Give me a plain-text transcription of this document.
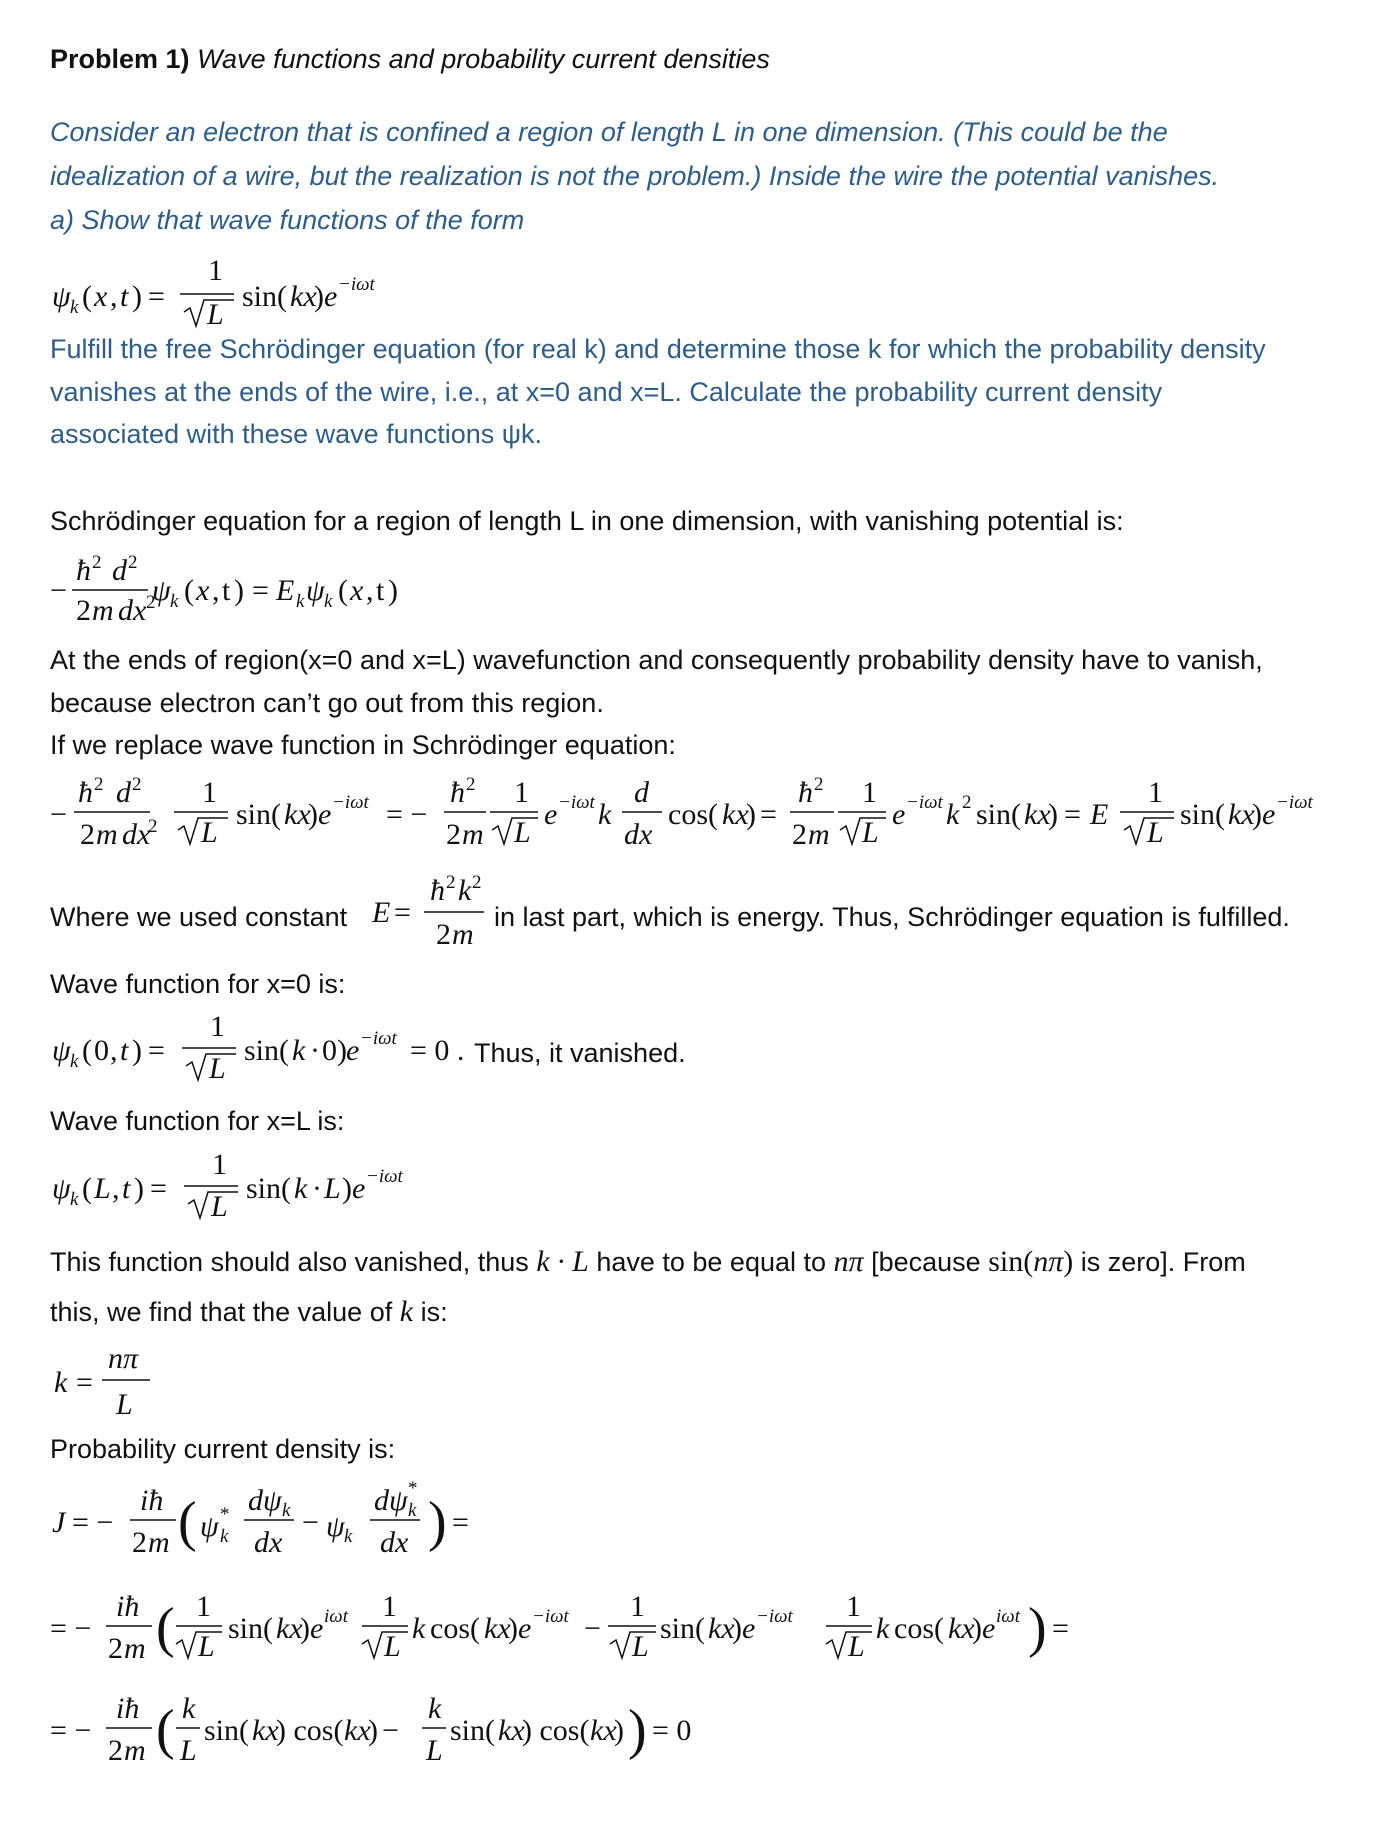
Problem 1) Wave functions and probability current densities
Consider an electron that is confined a region of length L in one dimension. (This could be the
idealization of a wire, but the realization is not the problem.) Inside the wire the potential vanishes.
a) Show that wave functions of the form
ψ k ( x , t ) =
1
L
sin( kx
) e −iωt
Fulfill the free Schrödinger equation (for real k) and determine those k for which the probability density
vanishes at the ends of the wire, i.e., at x=0 and x=L. Calculate the probability current density
associated with these wave functions ψk.
Schrödinger equation for a region of length L in one dimension, with vanishing potential is:
−
ħ 2 d 2
2 m dx 2
ψ k ( x , t ) = E k ψ k ( x , t )
At the ends of region(x=0 and x=L) wavefunction and consequently probability density have to vanish,
because electron can’t go out from this region.
If we replace wave function in Schrödinger equation:
−
ħ 2 d 2
2 m dx
2
1
L
sin( kx
) e −iωt = −
ħ 2
2 m
1
L
e −iωt k
d
dx
cos( kx
) =
ħ 2
2 m
1
L
e −iωt k 2 sin( kx
) = E
1
L
sin( kx
) e −iωt
Where we used constant E =
ħ 2 k 2
2 m
in last part, which is energy. Thus, Schrödinger equation is fulfilled.
Wave function for x=0 is:
ψ k ( 0 , t ) =
1
L
sin( k · 0) e −iωt = 0 . Thus, it vanished.
Wave function for x=L is:
ψ k ( L , t ) =
1
L
sin( k · L ) e −iωt
This function should also vanished, thus k · L have to be equal to nπ [because sin(nπ) is zero]. From
this, we find that the value of k is:
k =
nπ
L
Probability current density is:
J = −
iħ
2 m ( ψ *
k
dψ k
dx
− ψ k
dψ *
k
dx ) =
= −
iħ
2 m ( 1
L
sin( kx
) e iωt 1
L
k cos( kx
) e −iωt −
1
L
sin( kx
) e −iωt 1
L
k cos( kx
) e iωt ) =
= −
iħ
2 m ( k
L
sin( kx
) cos( kx
) −
k
L
sin( kx
) cos( kx
) ) = 0
